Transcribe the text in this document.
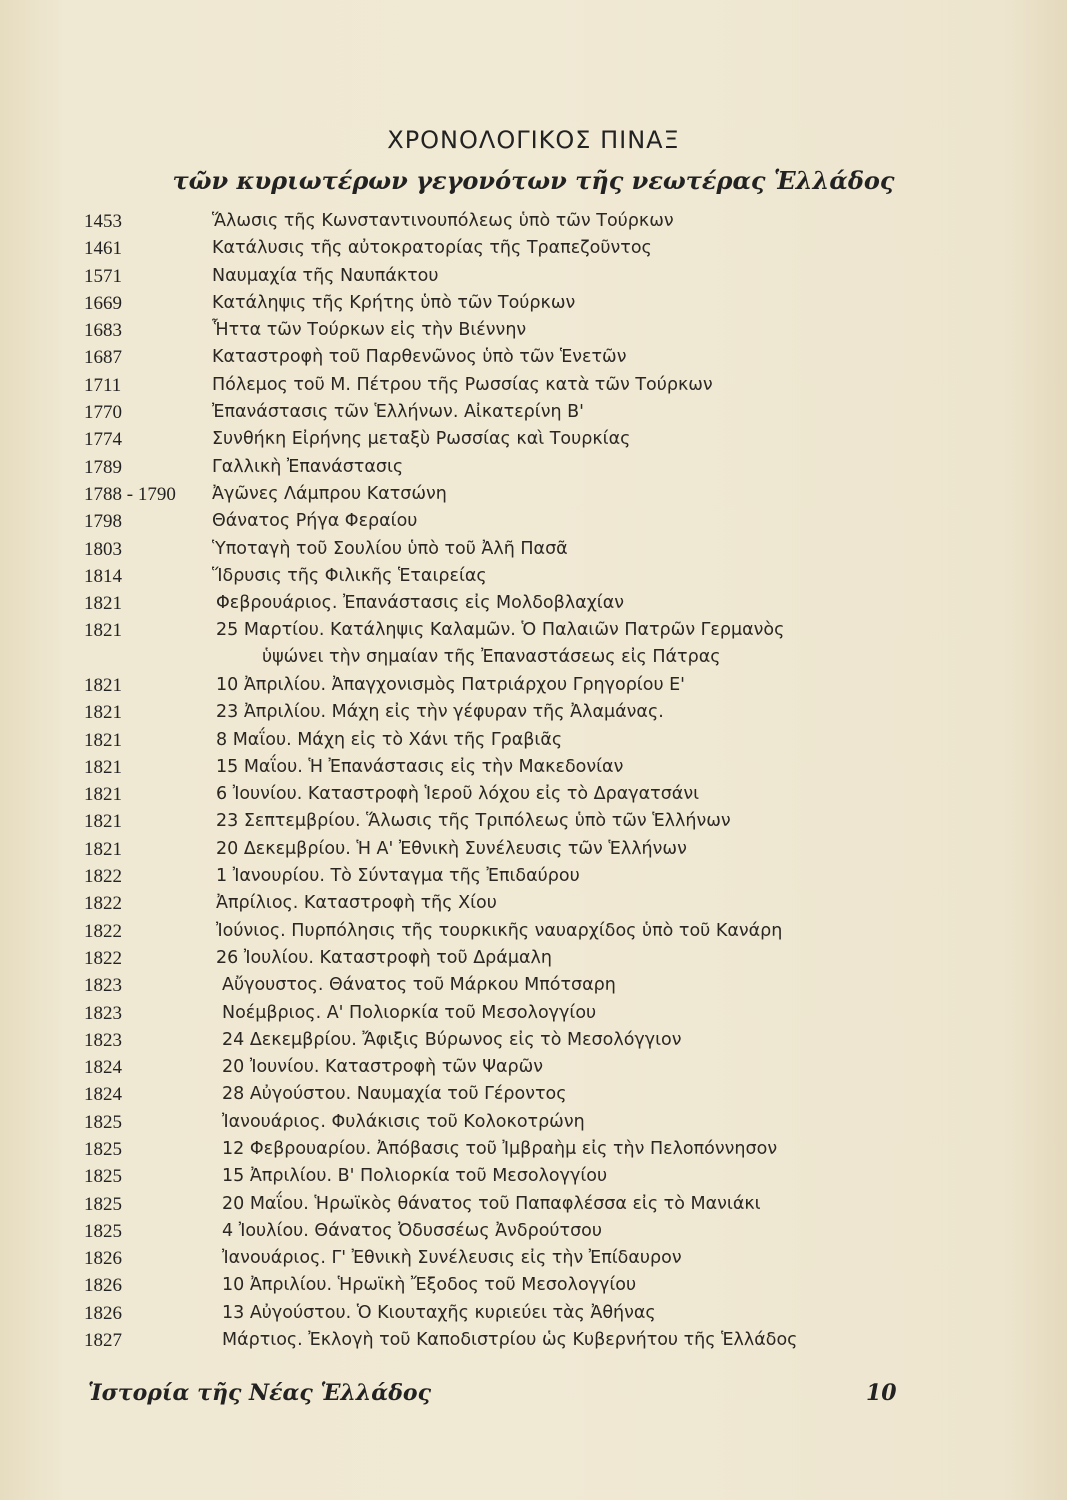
ΧΡΟΝΟΛΟΓΙΚΟΣ ΠΙΝΑΞ
τῶν κυριωτέρων γεγονότων τῆς νεωτέρας Ἑλλάδος
1453	Ἅλωσις τῆς Κωνσταντινουπόλεως ὑπὸ τῶν Τούρκων
1461	Κατάλυσις τῆς αὐτοκρατορίας τῆς Τραπεζοῦντος
1571	Ναυμαχία τῆς Ναυπάκτου
1669	Κατάληψις τῆς Κρήτης ὑπὸ τῶν Τούρκων
1683	Ἧττα τῶν Τούρκων εἰς τὴν Βιέννην
1687	Καταστροφὴ τοῦ Παρθενῶνος ὑπὸ τῶν Ἑνετῶν
1711	Πόλεμος τοῦ Μ. Πέτρου τῆς Ρωσσίας κατὰ τῶν Τούρκων
1770	Ἐπανάστασις τῶν Ἑλλήνων. Αἰκατερίνη Β'
1774	Συνθήκη Εἰρήνης μεταξὺ Ρωσσίας καὶ Τουρκίας
1789	Γαλλικὴ Ἐπανάστασις
1788 - 1790 Ἀγῶνες Λάμπρου Κατσώνη
1798	Θάνατος Ρήγα Φεραίου
1803	Ὑποταγὴ τοῦ Σουλίου ὑπὸ τοῦ Ἀλῆ Πασᾶ
1814	Ἵδρυσις τῆς Φιλικῆς Ἑταιρείας
1821	Φεβρουάριος. Ἐπανάστασις εἰς Μολδοβλαχίαν
1821	25 Μαρτίου. Κατάληψις Καλαμῶν. Ὁ Παλαιῶν Πατρῶν Γερμανὸς
ὑψώνει τὴν σημαίαν τῆς Ἐπαναστάσεως εἰς Πάτρας
1821	10 Ἀπριλίου. Ἀπαγχονισμὸς Πατριάρχου Γρηγορίου Ε'
1821	23 Ἀπριλίου. Μάχη εἰς τὴν γέφυραν τῆς Ἀλαμάνας.
1821	8 Μαΐου. Μάχη εἰς τὸ Χάνι τῆς Γραβιᾶς
1821	15 Μαΐου. Ἡ Ἐπανάστασις εἰς τὴν Μακεδονίαν
1821	6 Ἰουνίου. Καταστροφὴ Ἱεροῦ λόχου εἰς τὸ Δραγατσάνι
1821	23 Σεπτεμβρίου. Ἅλωσις τῆς Τριπόλεως ὑπὸ τῶν Ἑλλήνων
1821	20 Δεκεμβρίου. Ἡ Α' Ἐθνικὴ Συνέλευσις τῶν Ἑλλήνων
1822	1 Ἰανουρίου. Τὸ Σύνταγμα τῆς Ἐπιδαύρου
1822	Ἀπρίλιος. Καταστροφὴ τῆς Χίου
1822	Ἰούνιος. Πυρπόλησις τῆς τουρκικῆς ναυαρχίδος ὑπὸ τοῦ Κανάρη
1822	26 Ἰουλίου. Καταστροφὴ τοῦ Δράμαλη
1823	Αὔγουστος. Θάνατος τοῦ Μάρκου Μπότσαρη
1823	Νοέμβριος. Α' Πολιορκία τοῦ Μεσολογγίου
1823	24 Δεκεμβρίου. Ἄφιξις Βύρωνος εἰς τὸ Μεσολόγγιον
1824	20 Ἰουνίου. Καταστροφὴ τῶν Ψαρῶν
1824	28 Αὐγούστου. Ναυμαχία τοῦ Γέροντος
1825	Ἰανουάριος. Φυλάκισις τοῦ Κολοκοτρώνη
1825	12 Φεβρουαρίου. Ἀπόβασις τοῦ Ἰμβραὴμ εἰς τὴν Πελοπόννησον
1825	15 Ἀπριλίου. Β' Πολιορκία τοῦ Μεσολογγίου
1825	20 Μαΐου. Ἡρωϊκὸς θάνατος τοῦ Παπαφλέσσα εἰς τὸ Μανιάκι
1825	4 Ἰουλίου. Θάνατος Ὀδυσσέως Ἀνδρούτσου
1826	Ἰανουάριος. Γ' Ἐθνικὴ Συνέλευσις εἰς τὴν Ἐπίδαυρον
1826	10 Ἀπριλίου. Ἡρωϊκὴ Ἔξοδος τοῦ Μεσολογγίου
1826	13 Αὐγούστου. Ὁ Κιουταχῆς κυριεύει τὰς Ἀθήνας
1827	Μάρτιος. Ἐκλογὴ τοῦ Καποδιστρίου ὡς Κυβερνήτου τῆς Ἑλλάδος
Ἱστορία τῆς Νέας Ἑλλάδος	10
